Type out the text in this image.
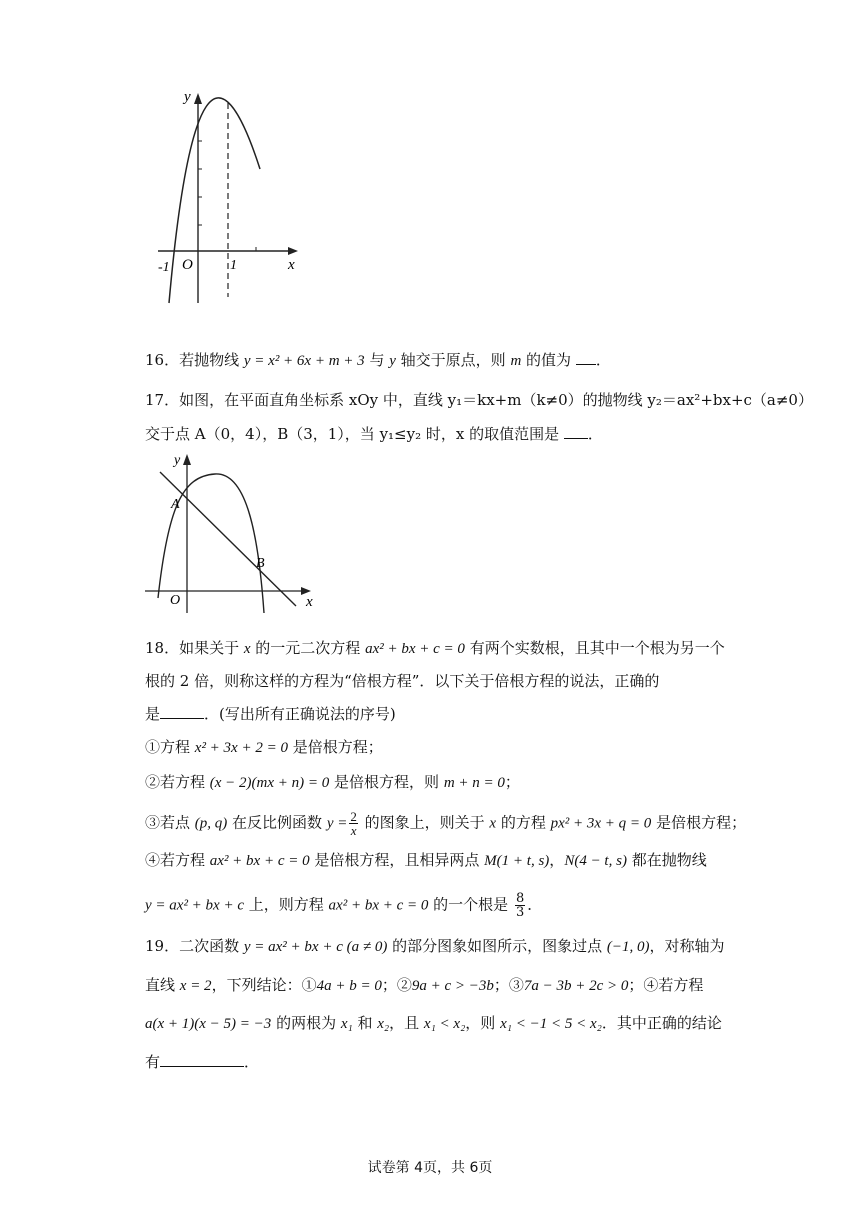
y
x
O
-1	1
16．若抛物线 y = x² + 6x + m + 3 与 y 轴交于原点，则 m 的值为 ．
17．如图，在平面直角坐标系 xOy 中，直线 y₁＝kx+m（k≠0）的抛物线 y₂＝ax²+bx+c（a≠0）
交于点 A（0，4），B（3，1），当 y₁≤y₂ 时，x 的取值范围是 ．
y
x
O
A
B
18．如果关于 x 的一元二次方程 ax² + bx + c = 0 有两个实数根，且其中一个根为另一个
根的 2 倍，则称这样的方程为“倍根方程”．以下关于倍根方程的说法，正确的
是	．(写出所有正确说法的序号)
①方程 x² + 3x + 2 = 0 是倍根方程；
②若方程 (x − 2)(mx + n) = 0 是倍根方程，则 m + n = 0；
③若点 (p, q) 在反比例函数 $y = \frac{2}{x}$ 的图象上，则关于 x 的方程 px² + 3x + q = 0 是倍根方程；
④若方程 ax² + bx + c = 0 是倍根方程，且相异两点 M(1 + t, s)，N(4 − t, s) 都在抛物线
y = ax² + bx + c 上，则方程 ax² + bx + c = 0 的一个根是 $\frac{8}{3}$ ．
19．二次函数 y = ax² + bx + c (a ≠ 0) 的部分图象如图所示，图象过点 (−1, 0)，对称轴为
直线 x = 2，下列结论：①4a + b = 0；②9a + c > −3b；③7a − 3b + 2c > 0；④若方程
a(x + 1)(x − 5) = −3 的两根为 x₁ 和 x₂，且 x₁ < x₂，则 x₁ < −1 < 5 < x₂．其中正确的结论
有	．
试卷第 4页，共 6页
